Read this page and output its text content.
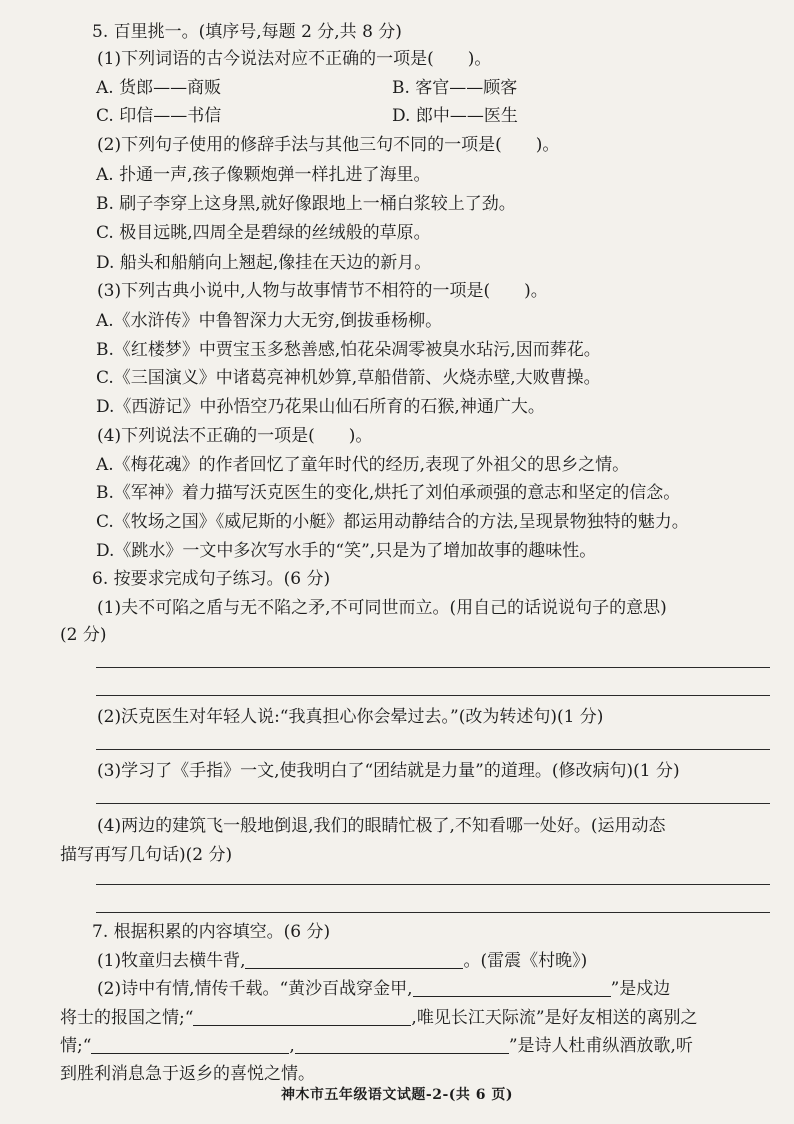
5. 百里挑一。(填序号,每题 2 分,共 8 分)
(1)下列词语的古今说法对应不正确的一项是(　　)。
A. 货郎——商贩	B. 客官——顾客
C. 印信——书信	D. 郎中——医生
(2)下列句子使用的修辞手法与其他三句不同的一项是(　　)。
A. 扑通一声,孩子像颗炮弹一样扎进了海里。
B. 刷子李穿上这身黑,就好像跟地上一桶白浆较上了劲。
C. 极目远眺,四周全是碧绿的丝绒般的草原。
D. 船头和船艄向上翘起,像挂在天边的新月。
(3)下列古典小说中,人物与故事情节不相符的一项是(　　)。
A.《水浒传》中鲁智深力大无穷,倒拔垂杨柳。
B.《红楼梦》中贾宝玉多愁善感,怕花朵凋零被臭水玷污,因而葬花。
C.《三国演义》中诸葛亮神机妙算,草船借箭、火烧赤壁,大败曹操。
D.《西游记》中孙悟空乃花果山仙石所育的石猴,神通广大。
(4)下列说法不正确的一项是(　　)。
A.《梅花魂》的作者回忆了童年时代的经历,表现了外祖父的思乡之情。
B.《军神》着力描写沃克医生的变化,烘托了刘伯承顽强的意志和坚定的信念。
C.《牧场之国》《威尼斯的小艇》都运用动静结合的方法,呈现景物独特的魅力。
D.《跳水》一文中多次写水手的“笑”,只是为了增加故事的趣味性。
6. 按要求完成句子练习。(6 分)
(1)夫不可陷之盾与无不陷之矛,不可同世而立。(用自己的话说说句子的意思)
(2 分)
(2)沃克医生对年轻人说:“我真担心你会晕过去。”(改为转述句)(1 分)
(3)学习了《手指》一文,使我明白了“团结就是力量”的道理。(修改病句)(1 分)
(4)两边的建筑飞一般地倒退,我们的眼睛忙极了,不知看哪一处好。(运用动态
描写再写几句话)(2 分)
7. 根据积累的内容填空。(6 分)
(1)牧童归去横牛背,	。(雷震《村晚》)
(2)诗中有情,情传千载。“黄沙百战穿金甲,	”是戍边
将士的报国之情;“	,唯见长江天际流”是好友相送的离别之
情;“	,	”是诗人杜甫纵酒放歌,听
到胜利消息急于返乡的喜悦之情。
神木市五年级语文试题-2-(共 6 页)
